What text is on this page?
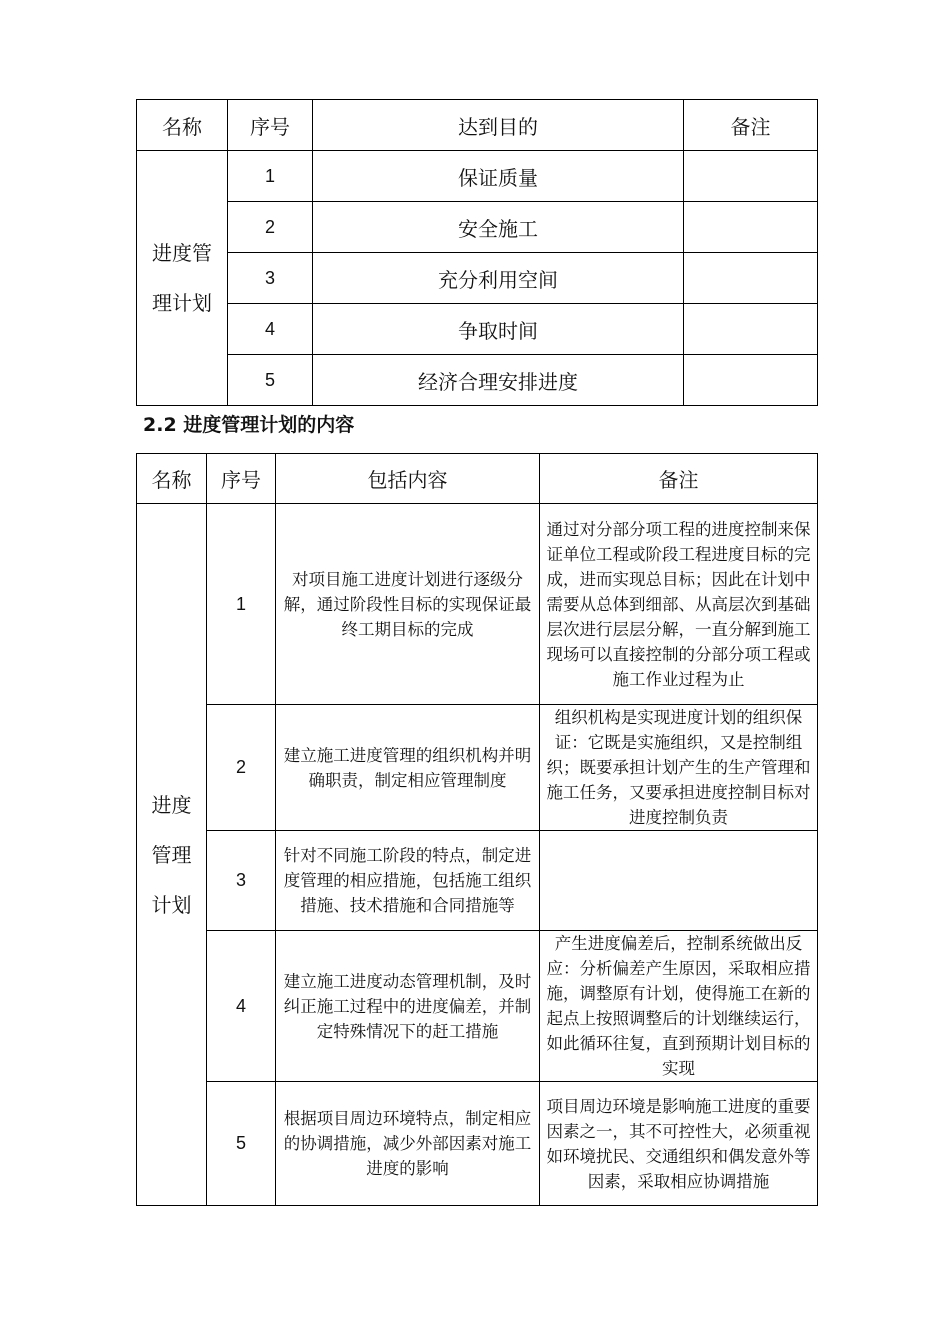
名称	序号	达到目的	备注

进度管
理计划	1	保证质量	
	2	安全施工	
	3	充分利用空间	
	4	争取时间	
	5	经济合理安排进度	
2.2 进度管理计划的内容
名称	序号	包括内容	备注

进度
管理
计划	1	对项目施工进度计划进行逐级分解，通过阶段性目标的实现保证最终工期目标的完成	通过对分部分项工程的进度控制来保证单位工程或阶段工程进度目标的完成，进而实现总目标；因此在计划中需要从总体到细部、从高层次到基础层次进行层层分解，一直分解到施工现场可以直接控制的分部分项工程或施工作业过程为止
	2	建立施工进度管理的组织机构并明确职责，制定相应管理制度	组织机构是实现进度计划的组织保证：它既是实施组织，又是控制组织；既要承担计划产生的生产管理和施工任务，又要承担进度控制目标对进度控制负责
	3	针对不同施工阶段的特点，制定进度管理的相应措施，包括施工组织措施、技术措施和合同措施等	
	4	建立施工进度动态管理机制，及时纠正施工过程中的进度偏差，并制定特殊情况下的赶工措施	产生进度偏差后，控制系统做出反应：分析偏差产生原因，采取相应措施，调整原有计划，使得施工在新的起点上按照调整后的计划继续运行，如此循环往复，直到预期计划目标的实现
	5	根据项目周边环境特点，制定相应的协调措施，减少外部因素对施工进度的影响	项目周边环境是影响施工进度的重要因素之一，其不可控性大，必须重视如环境扰民、交通组织和偶发意外等因素，采取相应协调措施
